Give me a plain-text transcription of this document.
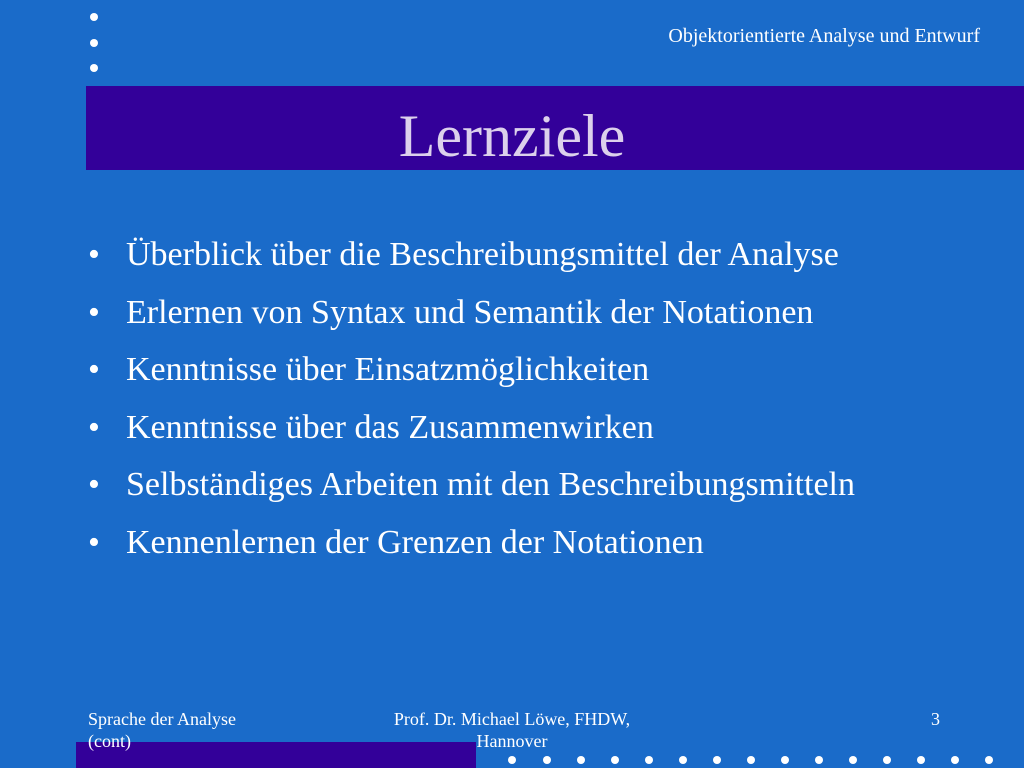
Objektorientierte Analyse und Entwurf
Lernziele
• Überblick über die Beschreibungsmittel der Analyse
• Erlernen von Syntax und Semantik der Notationen
• Kenntnisse über Einsatzmöglichkeiten
• Kenntnisse über das Zusammenwirken
• Selbständiges Arbeiten mit den Beschreibungsmitteln
• Kennenlernen der Grenzen der Notationen
Sprache der Analyse
(cont)
Prof. Dr. Michael Löwe, FHDW,
Hannover
3
